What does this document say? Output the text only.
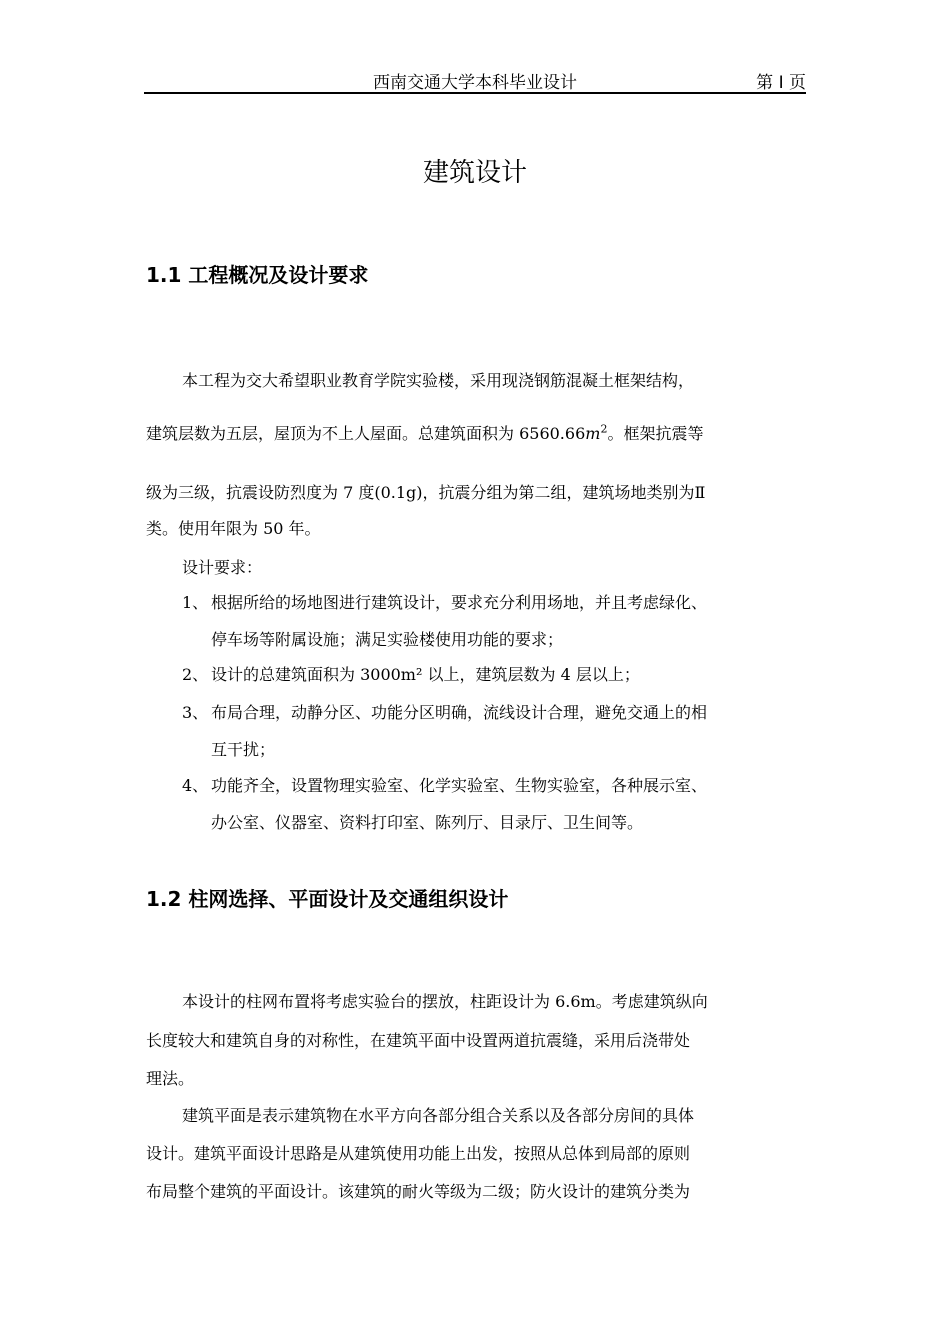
西南交通大学本科毕业设计	第 I 页
建筑设计
1.1 工程概况及设计要求
本工程为交大希望职业教育学院实验楼，采用现浇钢筋混凝土框架结构，
建筑层数为五层，屋顶为不上人屋面。总建筑面积为 $6560.66m^2$。框架抗震等
级为三级，抗震设防烈度为 7 度(0.1g)，抗震分组为第二组，建筑场地类别为Ⅱ
类。使用年限为 50 年。
设计要求：
1、 根据所给的场地图进行建筑设计，要求充分利用场地，并且考虑绿化、
停车场等附属设施；满足实验楼使用功能的要求；
2、 设计的总建筑面积为 3000m² 以上，建筑层数为 4 层以上；
3、 布局合理，动静分区、功能分区明确，流线设计合理，避免交通上的相
互干扰；
4、 功能齐全，设置物理实验室、化学实验室、生物实验室，各种展示室、
办公室、仪器室、资料打印室、陈列厅、目录厅、卫生间等。
1.2 柱网选择、平面设计及交通组织设计
本设计的柱网布置将考虑实验台的摆放，柱距设计为 6.6m。考虑建筑纵向
长度较大和建筑自身的对称性，在建筑平面中设置两道抗震缝，采用后浇带处
理法。
建筑平面是表示建筑物在水平方向各部分组合关系以及各部分房间的具体
设计。建筑平面设计思路是从建筑使用功能上出发，按照从总体到局部的原则
布局整个建筑的平面设计。该建筑的耐火等级为二级；防火设计的建筑分类为
